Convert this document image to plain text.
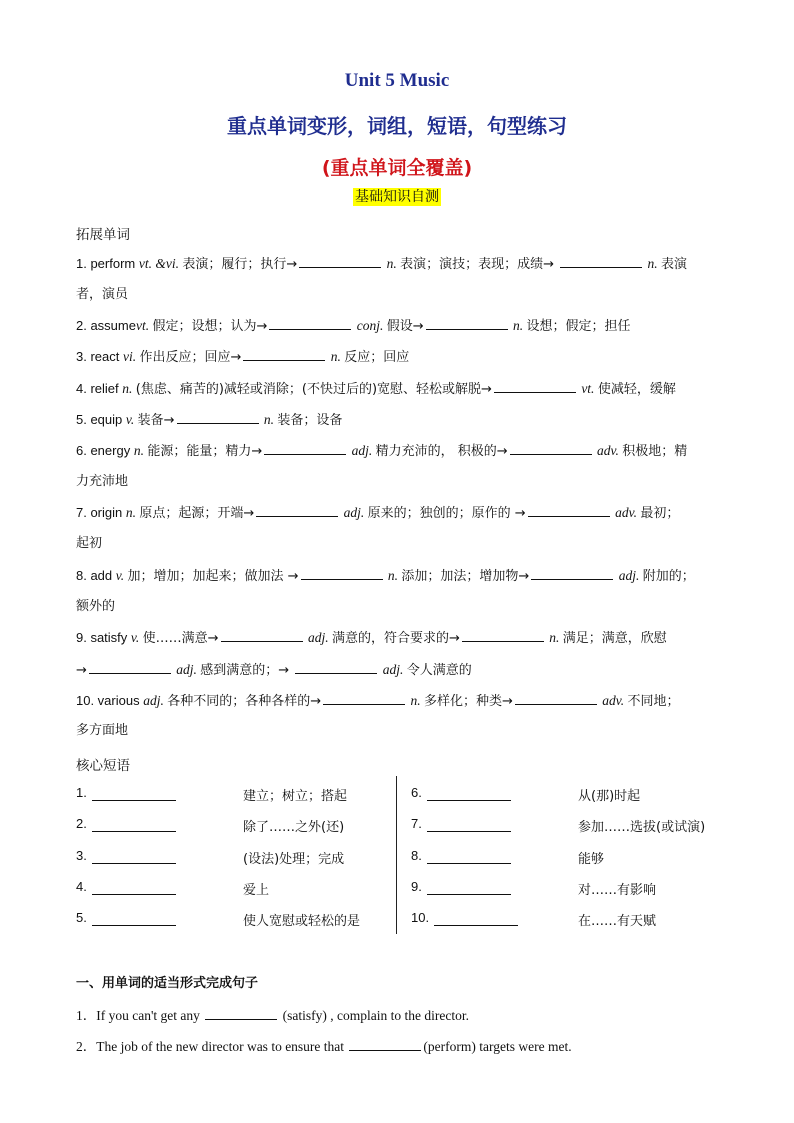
Unit 5 Music
重点单词变形，词组，短语，句型练习
(重点单词全覆盖)
基础知识自测
拓展单词
1. perform vt. &vi. 表演；履行；执行→	n. 表演；演技；表现；成绩→	n. 表演
者，演员
2. assumevt. 假定；设想；认为→	conj. 假设→	n. 设想；假定；担任
3. react vi. 作出反应；回应→	n. 反应；回应
4. relief n. (焦虑、痛苦的)减轻或消除；(不快过后的)宽慰、轻松或解脱→	vt. 使减轻，缓解
5. equip v. 装备→	n. 装备；设备
6. energy n. 能源；能量；精力→	adj. 精力充沛的， 积极的→	adv. 积极地；精
力充沛地
7. origin n. 原点；起源；开端→	adj. 原来的；独创的；原作的 →	adv. 最初；
起初
8. add v. 加；增加；加起来；做加法 →	n. 添加；加法；增加物→	adj. 附加的；
额外的
9. satisfy v. 使……满意→	adj. 满意的，符合要求的→	n. 满足；满意，欣慰
→	adj. 感到满意的；→	adj. 令人满意的
10. various adj. 各种不同的；各种各样的→	n. 多样化；种类→	adv. 不同地；
多方面地
核心短语
1.	建立；树立；搭起
2.	除了……之外(还)
3.	(设法)处理；完成
4.	爱上
5.	使人宽慰或轻松的是
6.	从(那)时起
7.	参加……选拔(或试演)
8.	能够
9.	对……有影响
10.	在……有天赋
一、用单词的适当形式完成句子
1．If you can't get any	(satisfy) , complain to the director.
2．The job of the new director was to ensure that	(perform) targets were met.
